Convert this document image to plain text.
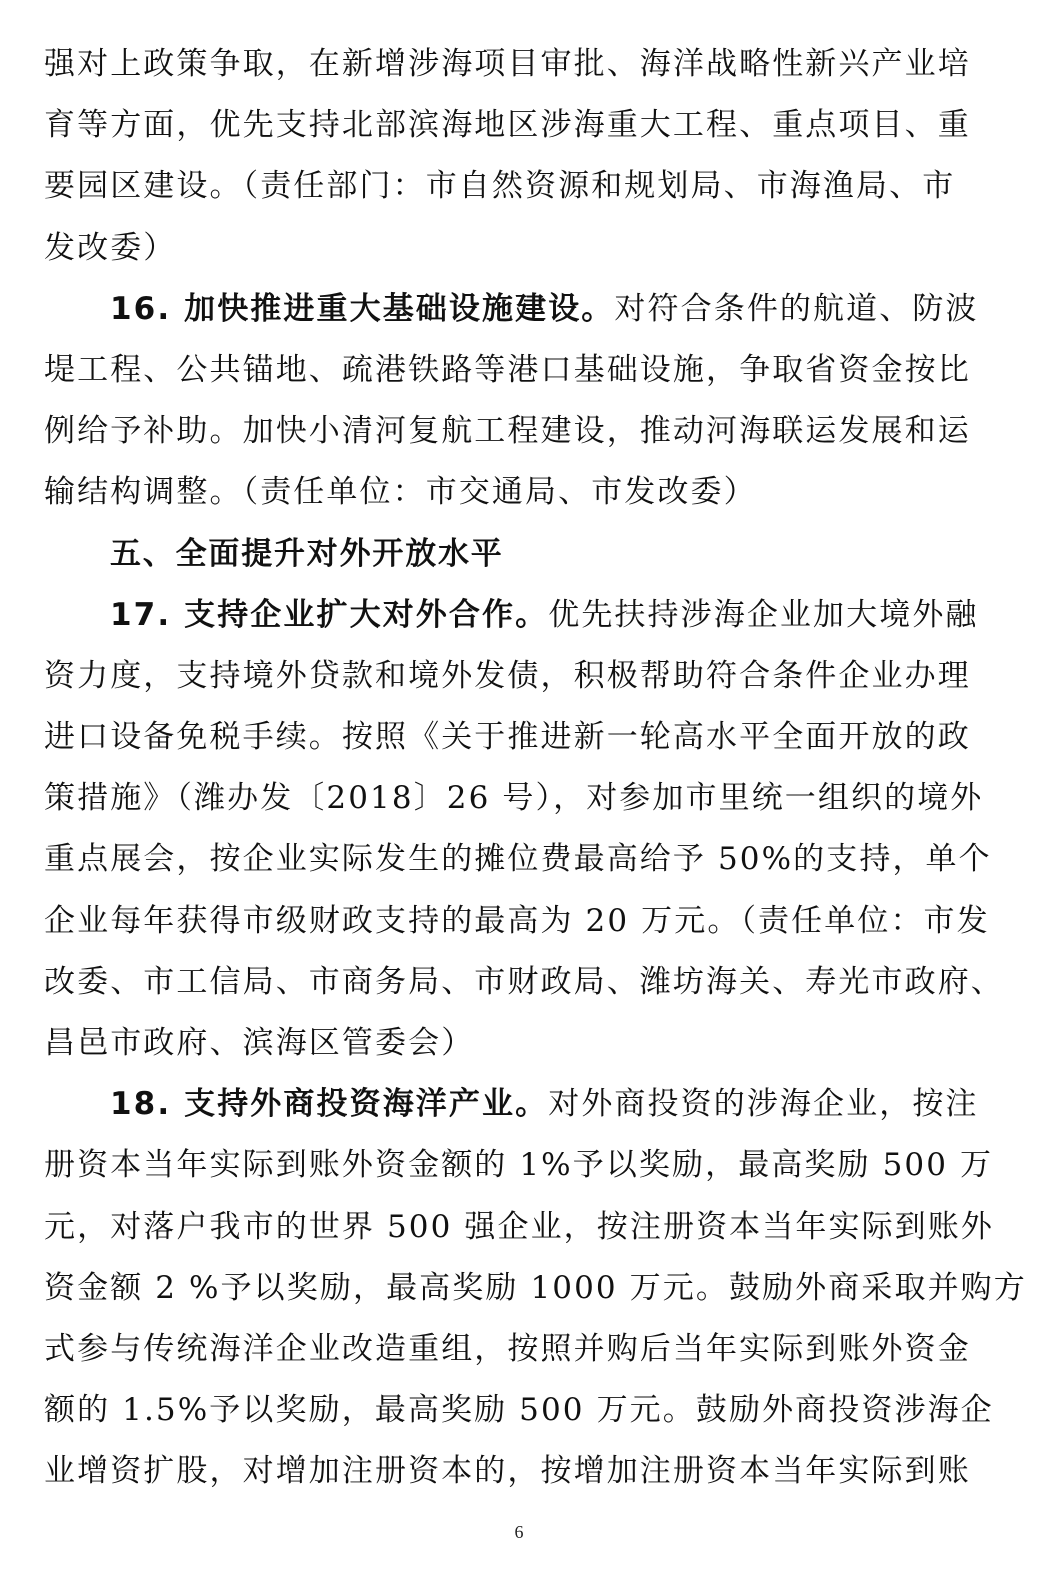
强对上政策争取，在新增涉海项目审批、海洋战略性新兴产业培
育等方面，优先支持北部滨海地区涉海重大工程、重点项目、重
要园区建设。（责任部门：市自然资源和规划局、市海渔局、市
发改委）
16. 加快推进重大基础设施建设。对符合条件的航道、防波
堤工程、公共锚地、疏港铁路等港口基础设施，争取省资金按比
例给予补助。加快小清河复航工程建设，推动河海联运发展和运
输结构调整。（责任单位：市交通局、市发改委）
五、全面提升对外开放水平
17. 支持企业扩大对外合作。优先扶持涉海企业加大境外融
资力度，支持境外贷款和境外发债，积极帮助符合条件企业办理
进口设备免税手续。按照《关于推进新一轮高水平全面开放的政
策措施》（潍办发〔2018〕26 号），对参加市里统一组织的境外
重点展会，按企业实际发生的摊位费最高给予 50%的支持，单个
企业每年获得市级财政支持的最高为 20 万元。（责任单位：市发
改委、市工信局、市商务局、市财政局、潍坊海关、寿光市政府、
昌邑市政府、滨海区管委会）
18. 支持外商投资海洋产业。对外商投资的涉海企业，按注
册资本当年实际到账外资金额的 1%予以奖励，最高奖励 500 万
元，对落户我市的世界 500 强企业，按注册资本当年实际到账外
资金额 2 %予以奖励，最高奖励 1000 万元。鼓励外商采取并购方
式参与传统海洋企业改造重组，按照并购后当年实际到账外资金
额的 1.5%予以奖励，最高奖励 500 万元。鼓励外商投资涉海企
业增资扩股，对增加注册资本的，按增加注册资本当年实际到账
6
